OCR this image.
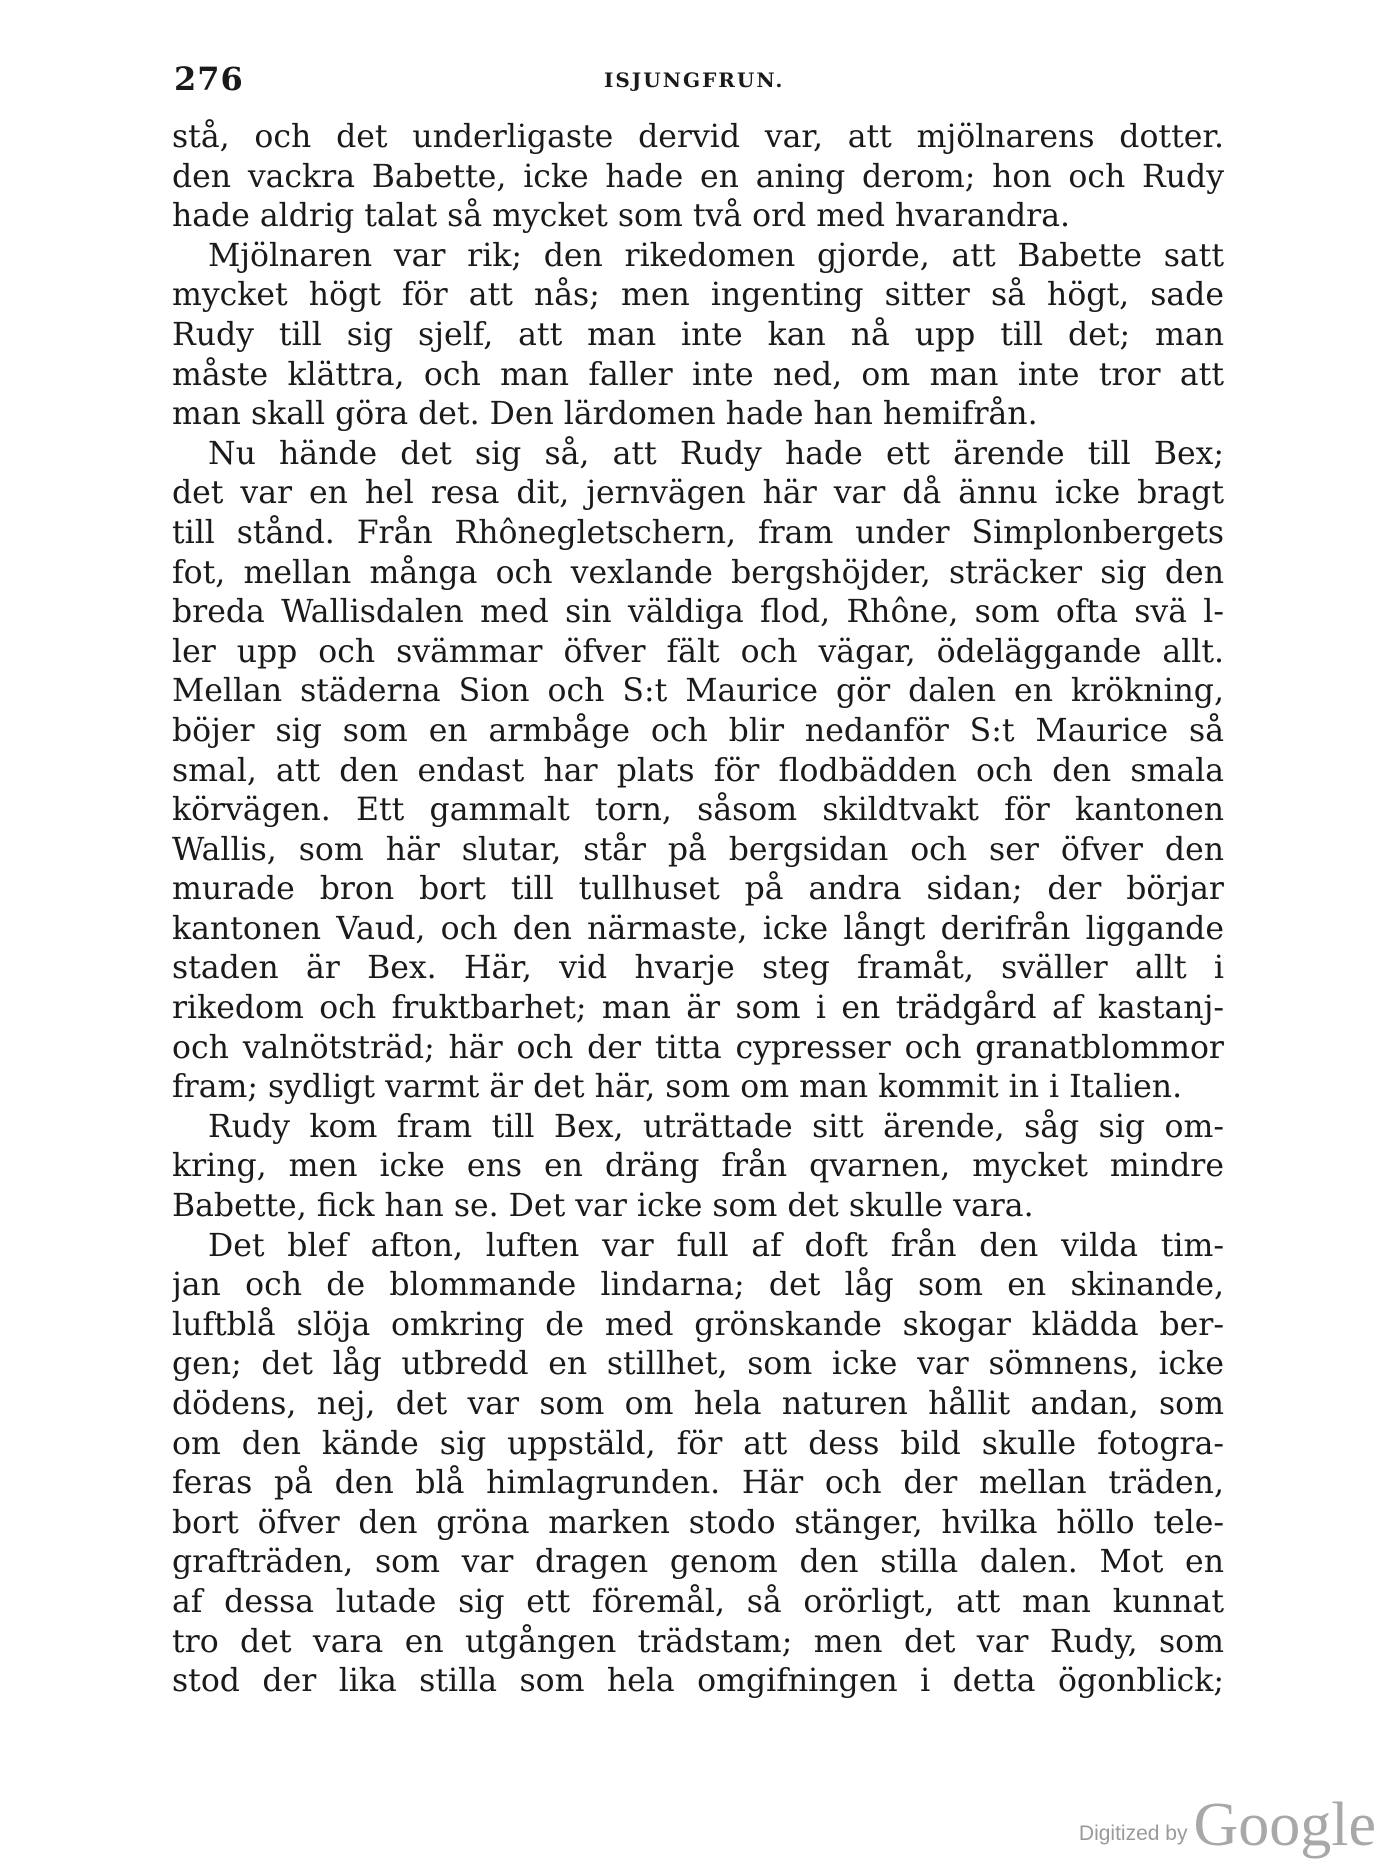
276	ISJUNGFRUN.
stå, och det underligaste dervid var, att mjölnarens dotter.
den vackra Babette, icke hade en aning derom; hon och Rudy
hade aldrig talat så mycket som två ord med hvarandra.
Mjölnaren var rik; den rikedomen gjorde, att Babette satt
mycket högt för att nås; men ingenting sitter så högt, sade
Rudy till sig sjelf, att man inte kan nå upp till det; man
måste klättra, och man faller inte ned, om man inte tror att
man skall göra det. Den lärdomen hade han hemifrån.
Nu hände det sig så, att Rudy hade ett ärende till Bex;
det var en hel resa dit, jernvägen här var då ännu icke bragt
till stånd. Från Rhônegletschern, fram under Simplonbergets
fot, mellan många och vexlande bergshöjder, sträcker sig den
breda Wallisdalen med sin väldiga flod, Rhône, som ofta svä l-
ler upp och svämmar öfver fält och vägar, ödeläggande allt.
Mellan städerna Sion och S:t Maurice gör dalen en krökning,
böjer sig som en armbåge och blir nedanför S:t Maurice så
smal, att den endast har plats för flodbädden och den smala
körvägen. Ett gammalt torn, såsom skildtvakt för kantonen
Wallis, som här slutar, står på bergsidan och ser öfver den
murade bron bort till tullhuset på andra sidan; der börjar
kantonen Vaud, och den närmaste, icke långt derifrån liggande
staden är Bex. Här, vid hvarje steg framåt, sväller allt i
rikedom och fruktbarhet; man är som i en trädgård af kastanj-
och valnötsträd; här och der titta cypresser och granatblommor
fram; sydligt varmt är det här, som om man kommit in i Italien.
Rudy kom fram till Bex, uträttade sitt ärende, såg sig om-
kring, men icke ens en dräng från qvarnen, mycket mindre
Babette, fick han se. Det var icke som det skulle vara.
Det blef afton, luften var full af doft från den vilda tim-
jan och de blommande lindarna; det låg som en skinande,
luftblå slöja omkring de med grönskande skogar klädda ber-
gen; det låg utbredd en stillhet, som icke var sömnens, icke
dödens, nej, det var som om hela naturen hållit andan, som
om den kände sig uppstäld, för att dess bild skulle fotogra-
feras på den blå himlagrunden. Här och der mellan träden,
bort öfver den gröna marken stodo stänger, hvilka höllo tele-
grafträden, som var dragen genom den stilla dalen. Mot en
af dessa lutade sig ett föremål, så orörligt, att man kunnat
tro det vara en utgången trädstam; men det var Rudy, som
stod der lika stilla som hela omgifningen i detta ögonblick;
Digitized by Google
